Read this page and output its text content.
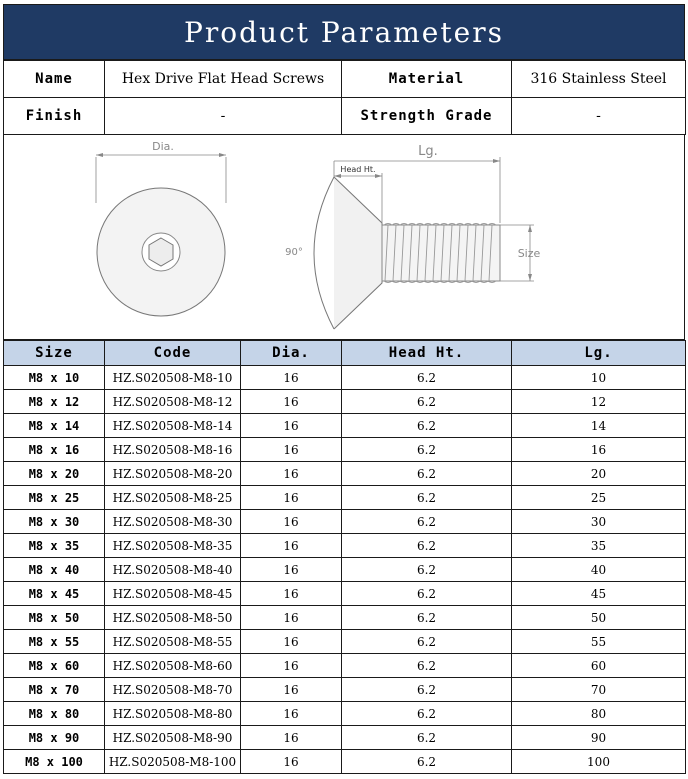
Product Parameters
Name	Hex Drive Flat Head Screws	Material	316 Stainless Steel
Finish	-	Strength Grade	-
Dia.	Lg.
Head Ht.
90°	Size
Size	Code	Dia.	Head Ht.	Lg.
M8 x 10	HZ.S020508-M8-10	16	6.2	10
M8 x 12	HZ.S020508-M8-12	16	6.2	12
M8 x 14	HZ.S020508-M8-14	16	6.2	14
M8 x 16	HZ.S020508-M8-16	16	6.2	16
M8 x 20	HZ.S020508-M8-20	16	6.2	20
M8 x 25	HZ.S020508-M8-25	16	6.2	25
M8 x 30	HZ.S020508-M8-30	16	6.2	30
M8 x 35	HZ.S020508-M8-35	16	6.2	35
M8 x 40	HZ.S020508-M8-40	16	6.2	40
M8 x 45	HZ.S020508-M8-45	16	6.2	45
M8 x 50	HZ.S020508-M8-50	16	6.2	50
M8 x 55	HZ.S020508-M8-55	16	6.2	55
M8 x 60	HZ.S020508-M8-60	16	6.2	60
M8 x 70	HZ.S020508-M8-70	16	6.2	70
M8 x 80	HZ.S020508-M8-80	16	6.2	80
M8 x 90	HZ.S020508-M8-90	16	6.2	90
M8 x 100	HZ.S020508-M8-100	16	6.2	100
